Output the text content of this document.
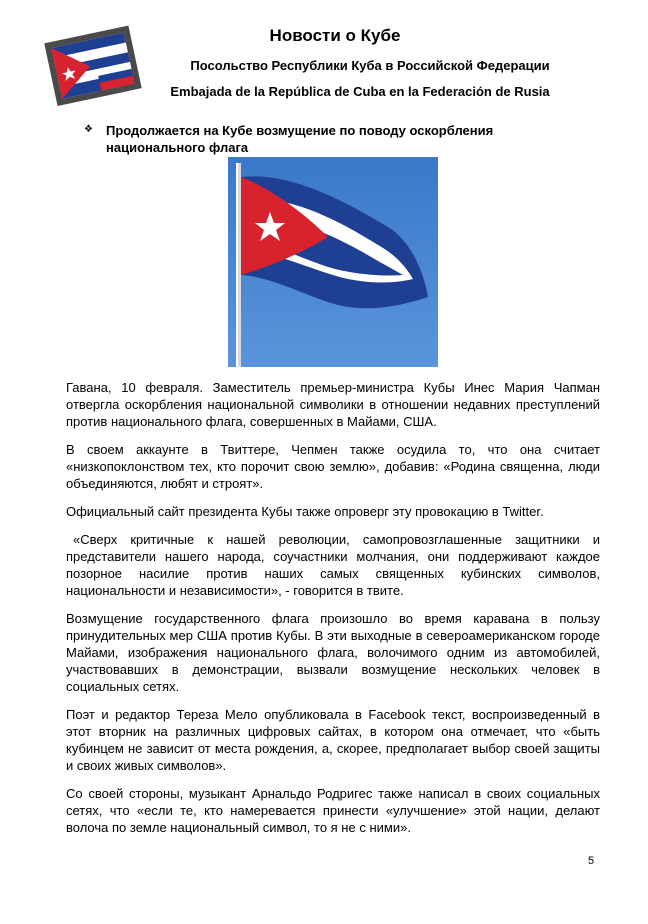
Новости о Кубе
Посольство Республики Куба в Российской Федерации
Embajada de la República de Cuba en la Federación de Rusia
❖ Продолжается на Кубе возмущение по поводу оскорбления национального флага

Гавана, 10 февраля. Заместитель премьер-министра Кубы Инес Мария Чапман отвергла оскорбления национальной символики в отношении недавних преступлений против национального флага, совершенных в Майами, США.

В своем аккаунте в Твиттере, Чепмен также осудила то, что она считает «низкопоклонством тех, кто порочит свою землю», добавив: «Родина священна, люди объединяются, любят и строят».

Официальный сайт президента Кубы также опроверг эту провокацию в Twitter.

«Сверх критичные к нашей революции, самопровозглашенные защитники и представители нашего народа, соучастники молчания, они поддерживают каждое позорное насилие против наших самых священных кубинских символов, национальности и независимости», - говорится в твите.

Возмущение государственного флага произошло во время каравана в пользу принудительных мер США против Кубы. В эти выходные в североамериканском городе Майами, изображения национального флага, волочимого одним из автомобилей, участвовавших в демонстрации, вызвали возмущение нескольких человек в социальных сетях.

Поэт и редактор Тереза Мело опубликовала в Facebook текст, воспроизведенный в этот вторник на различных цифровых сайтах, в котором она отмечает, что «быть кубинцем не зависит от места рождения, а, скорее, предполагает выбор своей защиты и своих живых символов».

Со своей стороны, музыкант Арнальдо Родригес также написал в своих социальных сетях, что «если те, кто намеревается принести «улучшение» этой нации, делают волоча по земле национальный символ, то я не с ними».

5
